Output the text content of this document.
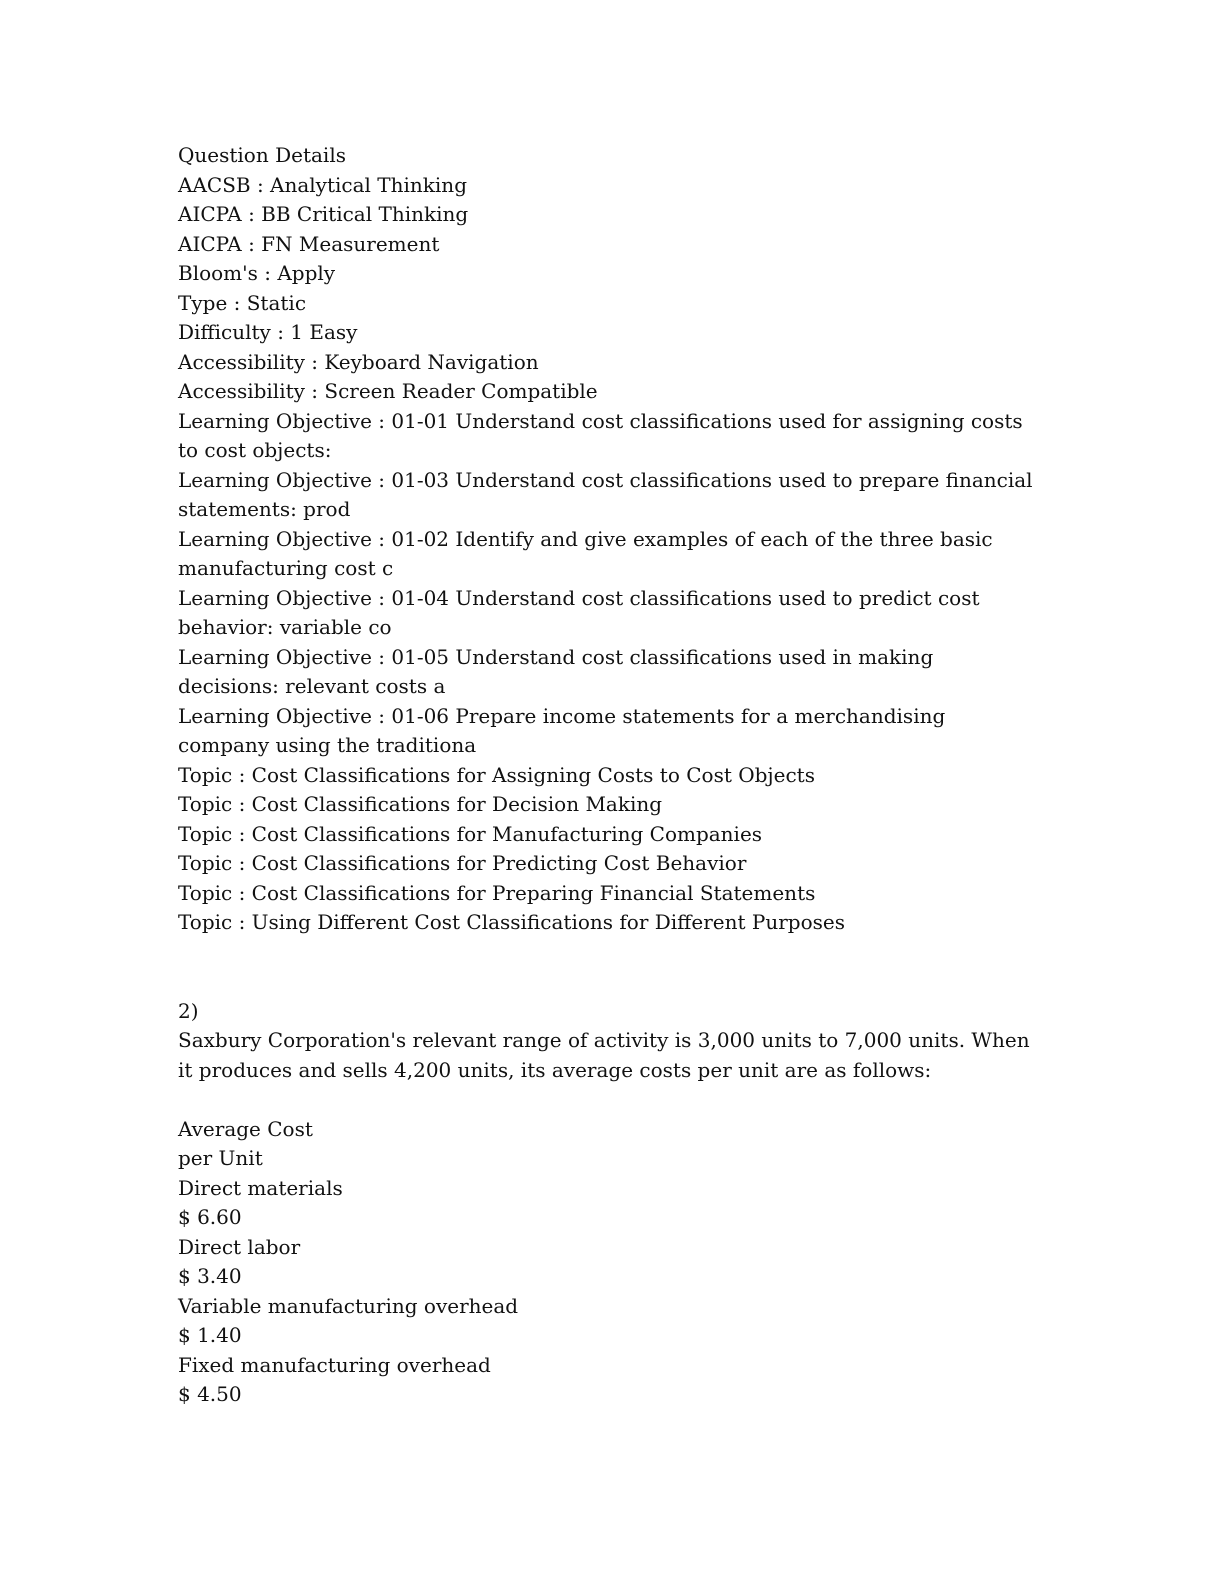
Question Details
AACSB : Analytical Thinking
AICPA : BB Critical Thinking
AICPA : FN Measurement
Bloom's : Apply
Type : Static
Difficulty : 1 Easy
Accessibility : Keyboard Navigation
Accessibility : Screen Reader Compatible
Learning Objective : 01-01 Understand cost classifications used for assigning costs to cost objects:
Learning Objective : 01-03 Understand cost classifications used to prepare financial statements: prod
Learning Objective : 01-02 Identify and give examples of each of the three basic manufacturing cost c
Learning Objective : 01-04 Understand cost classifications used to predict cost behavior: variable co
Learning Objective : 01-05 Understand cost classifications used in making decisions: relevant costs a
Learning Objective : 01-06 Prepare income statements for a merchandising company using the traditiona
Topic : Cost Classifications for Assigning Costs to Cost Objects
Topic : Cost Classifications for Decision Making
Topic : Cost Classifications for Manufacturing Companies
Topic : Cost Classifications for Predicting Cost Behavior
Topic : Cost Classifications for Preparing Financial Statements
Topic : Using Different Cost Classifications for Different Purposes
2)
Saxbury Corporation's relevant range of activity is 3,000 units to 7,000 units. When it produces and sells 4,200 units, its average costs per unit are as follows:
Average Cost per Unit
Direct materials
$ 6.60
Direct labor
$ 3.40
Variable manufacturing overhead
$ 1.40
Fixed manufacturing overhead
$ 4.50
